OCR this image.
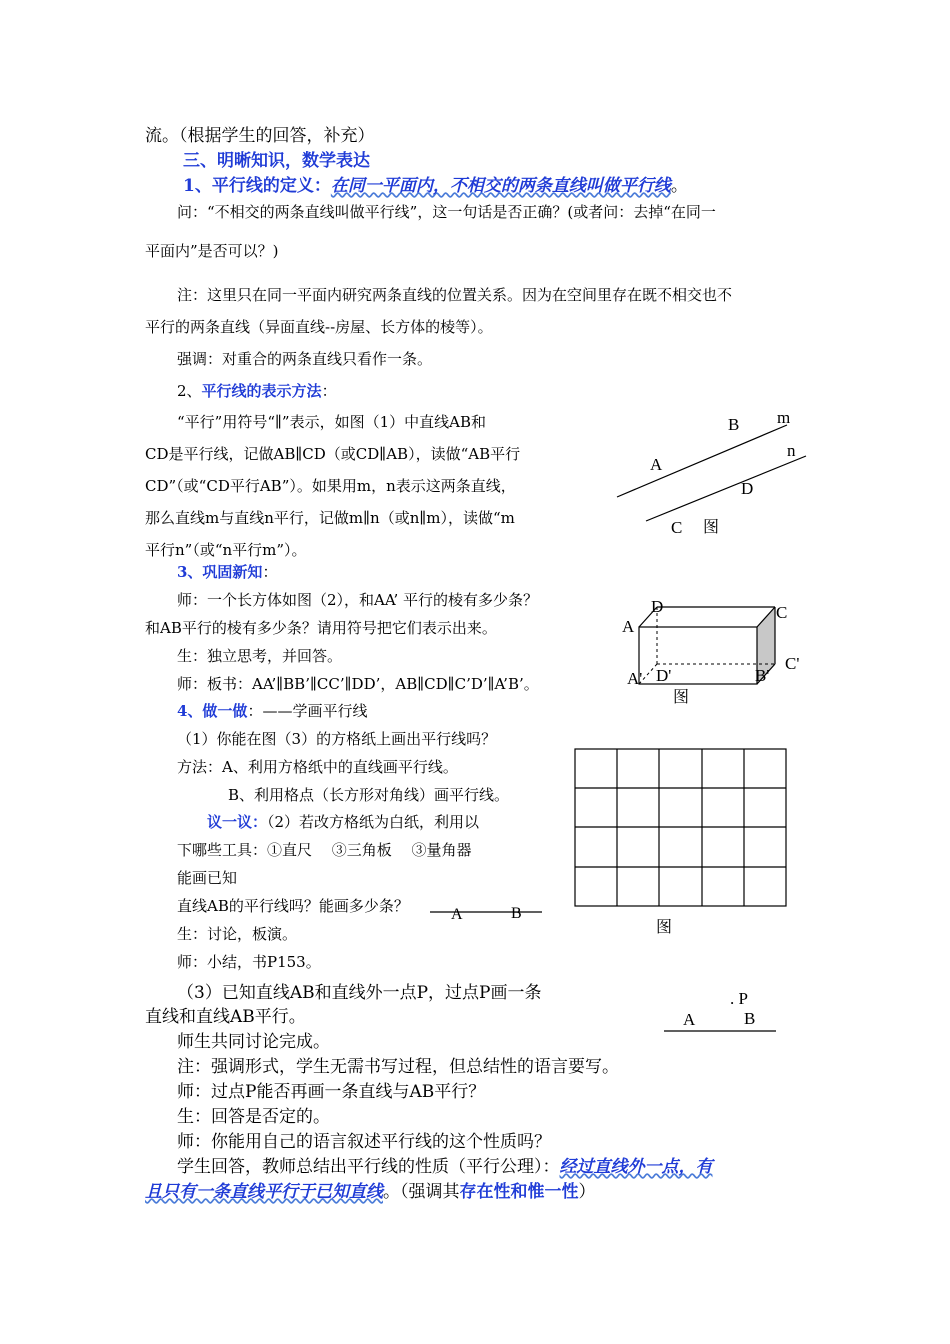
流。（根据学生的回答，补充）
三、明晰知识，数学表达
1、平行线的定义：在同一平面内，不相交的两条直线叫做平行线。
问：“不相交的两条直线叫做平行线”，这一句话是否正确？(或者问：去掉“在同一
平面内”是否可以？)
注：这里只在同一平面内研究两条直线的位置关系。因为在空间里存在既不相交也不
平行的两条直线（异面直线--房屋、长方体的棱等）。
强调：对重合的两条直线只看作一条。
2、平行线的表示方法：
“平行”用符号“∥”表示，如图（1）中直线AB和
CD是平行线，记做AB∥CD（或CD∥AB），读做“AB平行
CD”（或“CD平行AB”）。如果用m，n表示这两条直线，
那么直线m与直线n平行，记做m∥n（或n∥m），读做“m
平行n”（或“n平行m”）。
3、巩固新知：
师：一个长方体如图（2），和AA’ 平行的棱有多少条？
和AB平行的棱有多少条？请用符号把它们表示出来。
生：独立思考，并回答。
师：板书：AA’∥BB’∥CC’∥DD’，AB∥CD∥C’D’∥A’B’。
4、做一做：——学画平行线
（1）你能在图（3）的方格纸上画出平行线吗？
方法：A、利用方格纸中的直线画平行线。
B、利用格点（长方形对角线）画平行线。
议一议：（2）若改方格纸为白纸，利用以
下哪些工具：①直尺　 ③三角板　 ③量角器
能画已知
直线AB的平行线吗？能画多少条？
生：讨论，板演。
师：小结，书P153。
（3）已知直线AB和直线外一点P，过点P画一条
直线和直线AB平行。
师生共同讨论完成。
注：强调形式，学生无需书写过程，但总结性的语言要写。
师：过点P能否再画一条直线与AB平行？
生：回答是否定的。
师：你能用自己的语言叙述平行线的这个性质吗？
学生回答，教师总结出平行线的性质（平行公理）：经过直线外一点，有
且只有一条直线平行于已知直线。（强调其存在性和惟一性）
m
n
B
A
D
C 图
A
D	C
A' D'	B'
C'
图
图
A	B
. P
A	B
